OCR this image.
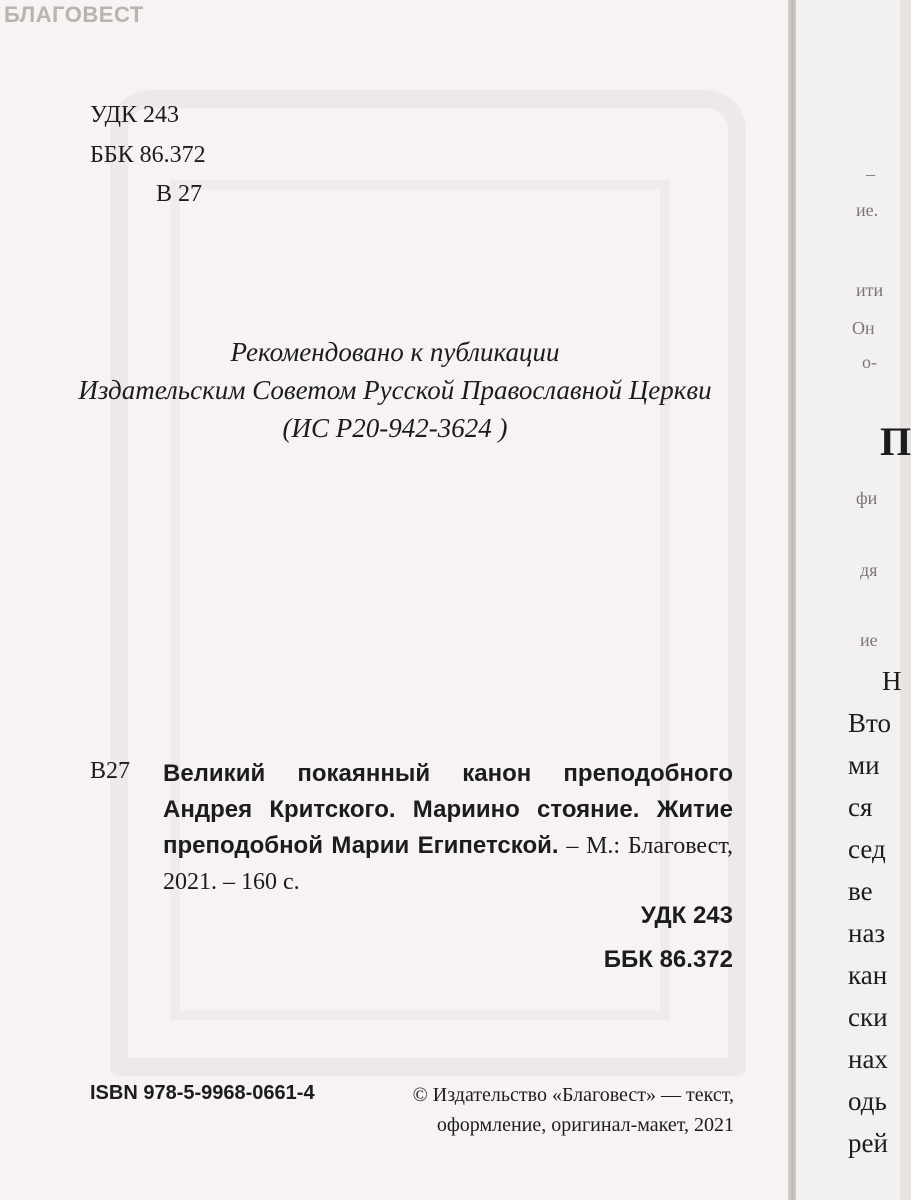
БЛАГОВЕСТ
УДК 243
ББК 86.372
В 27
Рекомендовано к публикации
Издательским Советом Русской Православной Церкви
(ИС Р20-942-3624 )
В27 Великий покаянный канон преподобного Андрея Критского. Мариино стояние. Житие преподобной Марии Египетской. – М.: Благовест, 2021. – 160 с.
УДК 243
ББК 86.372
ISBN 978-5-9968-0661-4	© Издательство «Благовест» — текст,
оформление, оригинал-макет, 2021
–
ие.
ити
Он
о-
фи
дя
ие
П
Н
Вто
ми
ся
сед
ве
наз
кан
ски
нах
одь
рей
